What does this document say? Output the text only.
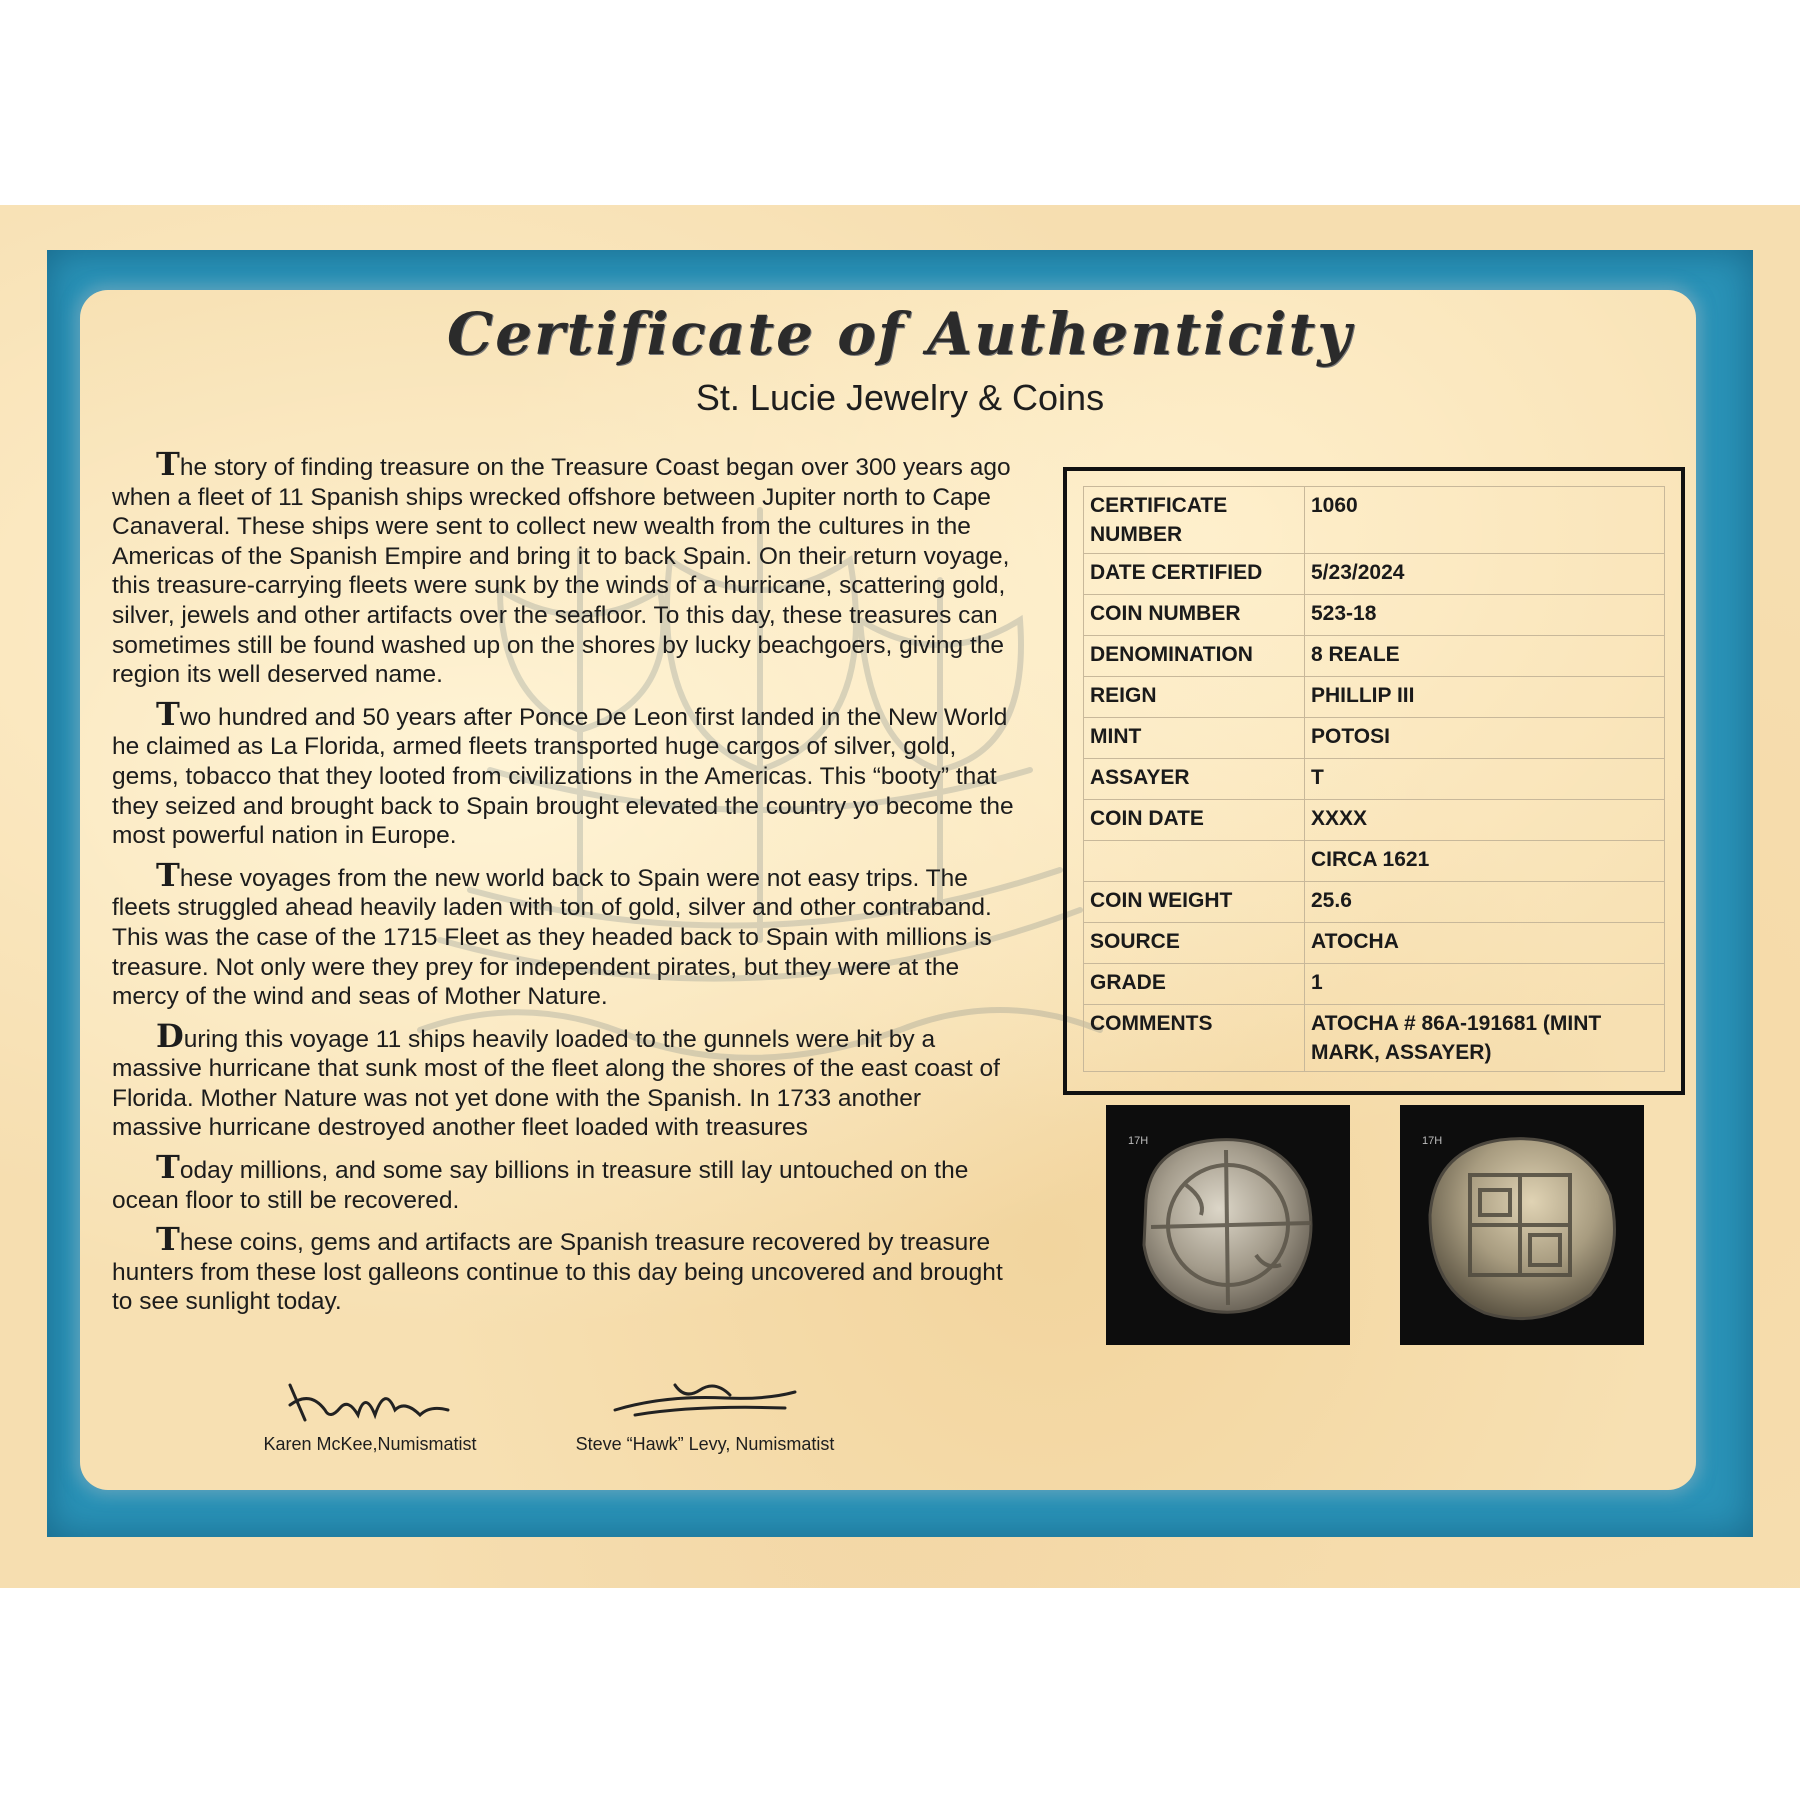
Certificate of Authenticity
St. Lucie Jewelry & Coins

The story of finding treasure on the Treasure Coast began over 300 years ago when a fleet of 11 Spanish ships wrecked offshore between Jupiter north to Cape Canaveral. These ships were sent to collect new wealth from the cultures in the Americas of the Spanish Empire and bring it to back Spain. On their return voyage, this treasure-carrying fleets were sunk by the winds of a hurricane, scattering gold, silver, jewels and other artifacts over the seafloor. To this day, these treasures can sometimes still be found washed up on the shores by lucky beachgoers, giving the region its well deserved name.

Two hundred and 50 years after Ponce De Leon first landed in the New World he claimed as La Florida, armed fleets transported huge cargos of silver, gold, gems, tobacco that they looted from civilizations in the Americas. This “booty” that they seized and brought back to Spain brought elevated the country yo become the most powerful nation in Europe.

These voyages from the new world back to Spain were not easy trips. The fleets struggled ahead heavily laden with ton of gold, silver and other contraband. This was the case of the 1715 Fleet as they headed back to Spain with millions is treasure. Not only were they prey for independent pirates, but they were at the mercy of the wind and seas of Mother Nature.

During this voyage 11 ships heavily loaded to the gunnels were hit by a massive hurricane that sunk most of the fleet along the shores of the east coast of Florida. Mother Nature was not yet done with the Spanish. In 1733 another massive hurricane destroyed another fleet loaded with treasures

Today millions, and some say billions in treasure still lay untouched on the ocean floor to still be recovered.

These coins, gems and artifacts are Spanish treasure recovered by treasure hunters from these lost galleons continue to this day being uncovered and brought to see sunlight today.

CERTIFICATE NUMBER	1060
DATE CERTIFIED	5/23/2024
COIN NUMBER	523-18
DENOMINATION	8 REALE
REIGN	PHILLIP III
MINT	POTOSI
ASSAYER	T
COIN DATE	XXXX
	CIRCA 1621
COIN WEIGHT	25.6
SOURCE	ATOCHA
GRADE	1
COMMENTS	ATOCHA # 86A-191681 (MINT MARK, ASSAYER)
17H	17H
Karen McKee,Numismatist	Steve “Hawk” Levy, Numismatist
